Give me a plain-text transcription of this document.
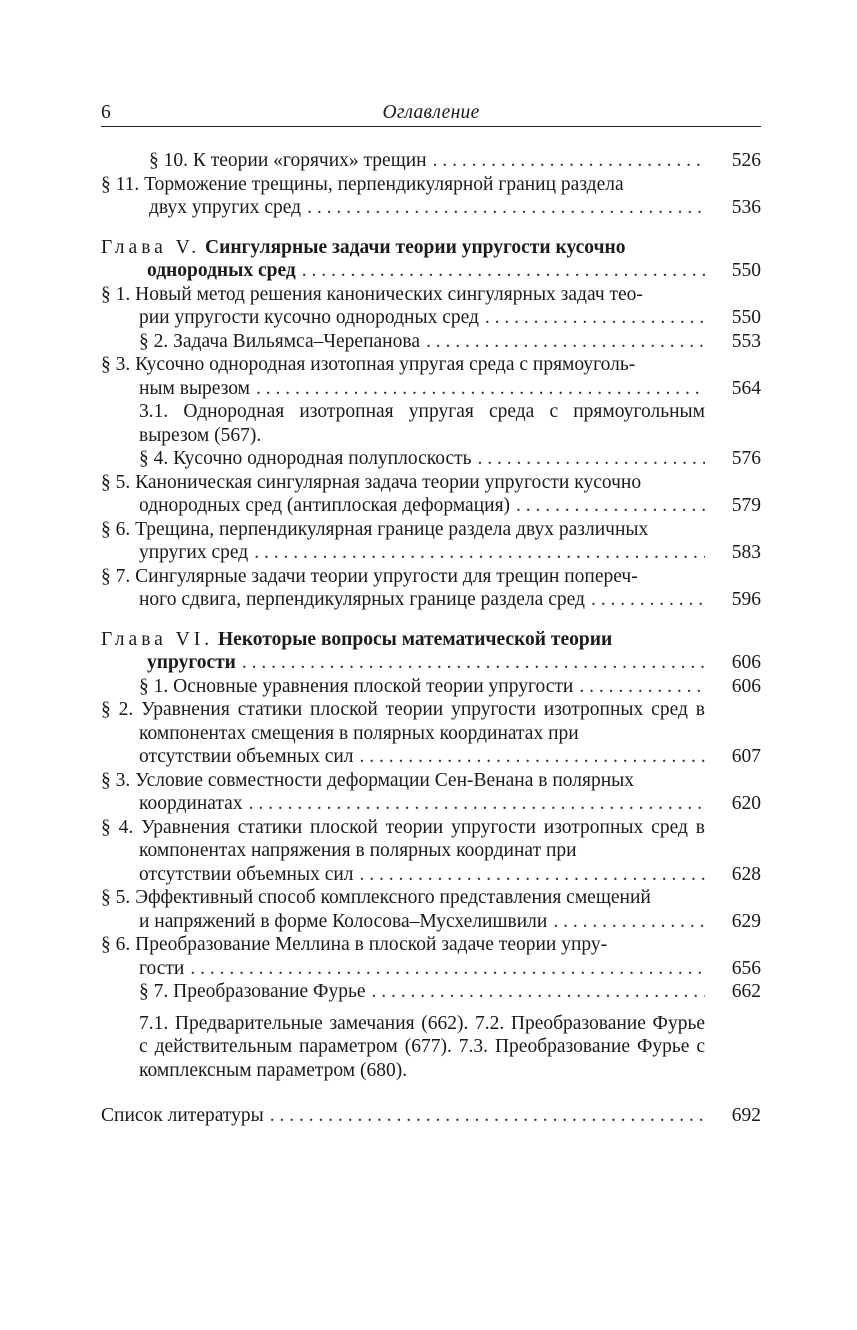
6	Оглавление
§ 10. К теории «горячих» трещин . . .	526
§ 11. Торможение трещины, перпендикулярной границ раздела
двух упругих сред . . .	536
Глава V. Сингулярные задачи теории упругости кусочно
однородных сред . . .	550
§ 1. Новый метод решения канонических сингулярных задач тео-
рии упругости кусочно однородных сред . . .	550
§ 2. Задача Вильямса–Черепанова . . .	553
§ 3. Кусочно однородная изотопная упругая среда с прямоуголь-
ным вырезом . . .	564
3.1. Однородная изотропная упругая среда с прямоугольным вырезом (567).
§ 4. Кусочно однородная полуплоскость . . .	576
§ 5. Каноническая сингулярная задача теории упругости кусочно
однородных сред (антиплоская деформация) . . .	579
§ 6. Трещина, перпендикулярная границе раздела двух различных
упругих сред . . .	583
§ 7. Сингулярные задачи теории упругости для трещин попереч-
ного сдвига, перпендикулярных границе раздела сред . . .	596
Глава VI. Некоторые вопросы математической теории
упругости . . .	606
§ 1. Основные уравнения плоской теории упругости . . .	606
§ 2. Уравнения статики плоской теории упругости изотропных сред в компонентах смещения в полярных координатах при
отсутствии объемных сил . . .	607
§ 3. Условие совместности деформации Сен-Венана в полярных
координатах . . .	620
§ 4. Уравнения статики плоской теории упругости изотропных сред в компонентах напряжения в полярных координат при
отсутствии объемных сил . . .	628
§ 5. Эффективный способ комплексного представления смещений
и напряжений в форме Колосова–Мусхелишвили . . .	629
§ 6. Преобразование Меллина в плоской задаче теории упру-
гости . . .	656
§ 7. Преобразование Фурье . . .	662
7.1. Предварительные замечания (662). 7.2. Преобразование Фурье с действительным параметром (677). 7.3. Преобразование Фурье с комплексным параметром (680).
Список литературы . . .	692
